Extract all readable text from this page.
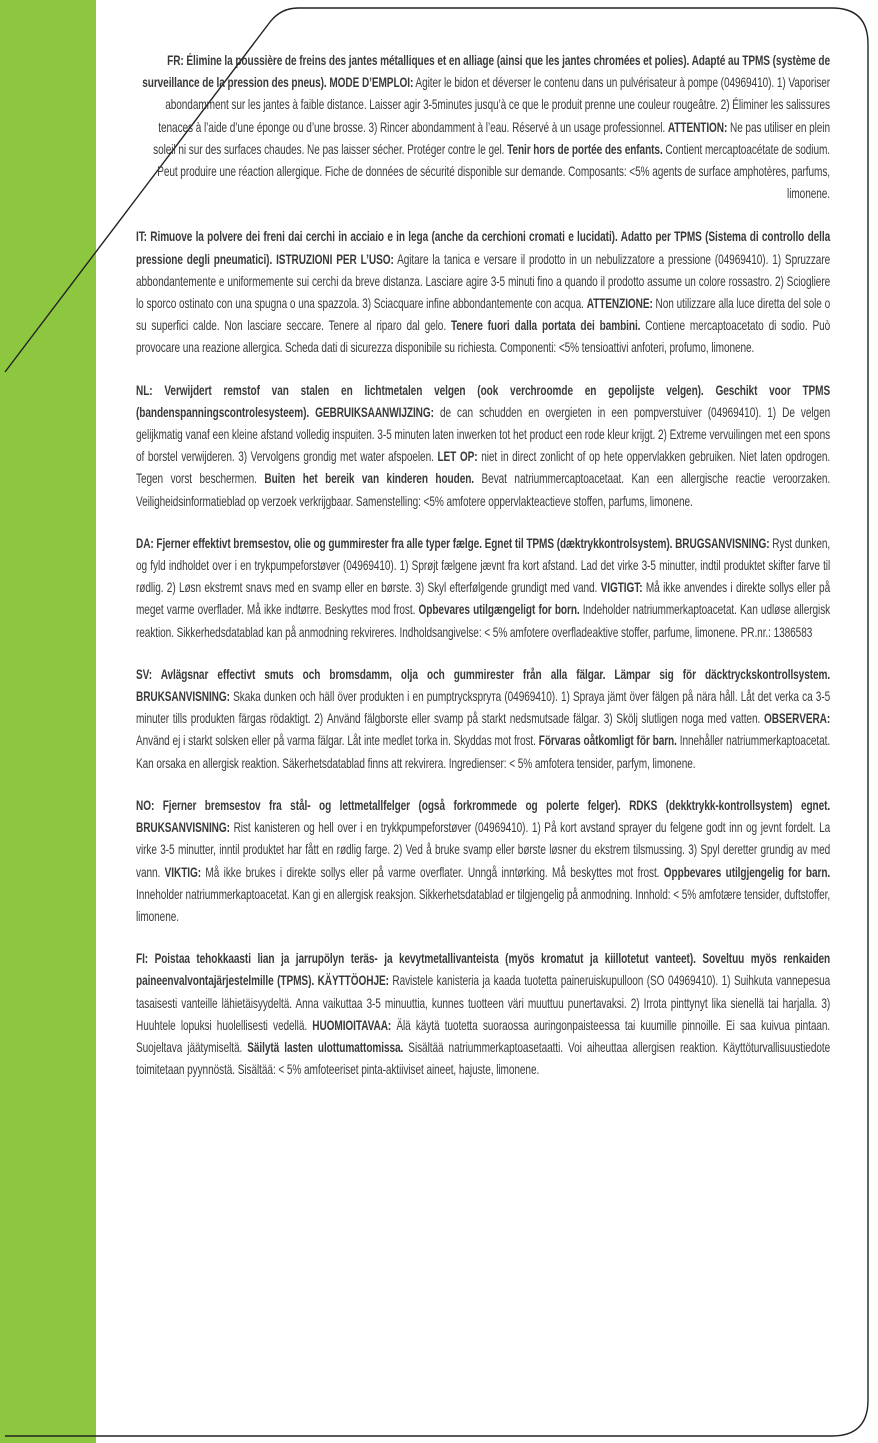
FR: Élimine la poussière de freins des jantes métalliques et en alliage (ainsi que les jantes chromées et polies). Adapté au TPMS (système de surveillance de la pression des pneus). MODE D’EMPLOI: Agiter le bidon et déverser le contenu dans un pulvérisateur à pompe (04969410). 1) Vaporiser abondamment sur les jantes à faible distance. Laisser agir 3-5minutes jusqu’à ce que le produit prenne une couleur rougeâtre. 2) Éliminer les salissures tenaces à l’aide d’une éponge ou d’une brosse. 3) Rincer abondamment à l’eau. Réservé à un usage professionnel. ATTENTION: Ne pas utiliser en plein soleil ni sur des surfaces chaudes. Ne pas laisser sécher. Protéger contre le gel. Tenir hors de portée des enfants. Contient mercaptoacétate de sodium. Peut produire une réaction allergique. Fiche de données de sécurité disponible sur demande. Composants: <5% agents de surface amphotères, parfums, limonene.

IT: Rimuove la polvere dei freni dai cerchi in acciaio e in lega (anche da cerchioni cromati e lucidati). Adatto per TPMS (Sistema di controllo della pressione degli pneumatici). ISTRUZIONI PER L’USO: Agitare la tanica e versare il prodotto in un nebulizzatore a pressione (04969410). 1) Spruzzare abbondantemente e uniformemente sui cerchi da breve distanza. Lasciare agire 3-5 minuti fino a quando il prodotto assume un colore rossastro. 2) Sciogliere lo sporco ostinato con una spugna o una spazzola. 3) Sciacquare infine abbondantemente con acqua. ATTENZIONE: Non utilizzare alla luce diretta del sole o su superfici calde. Non lasciare seccare. Tenere al riparo dal gelo. Tenere fuori dalla portata dei bambini. Contiene mercaptoacetato di sodio. Può provocare una reazione allergica. Scheda dati di sicurezza disponibile su richiesta. Componenti: <5% tensioattivi anfoteri, profumo, limonene.

NL: Verwijdert remstof van stalen en lichtmetalen velgen (ook verchroomde en gepolijste velgen). Geschikt voor TPMS (bandenspanningscontrolesysteem). GEBRUIKSAANWIJZING: de can schudden en overgieten in een pompverstuiver (04969410). 1) De velgen gelijkmatig vanaf een kleine afstand volledig inspuiten. 3-5 minuten laten inwerken tot het product een rode kleur krijgt. 2) Extreme vervuilingen met een spons of borstel verwijderen. 3) Vervolgens grondig met water afspoelen. LET OP: niet in direct zonlicht of op hete oppervlakken gebruiken. Niet laten opdrogen. Tegen vorst beschermen. Buiten het bereik van kinderen houden. Bevat natriummercaptoacetaat. Kan een allergische reactie veroorzaken. Veiligheidsinformatieblad op verzoek verkrijgbaar. Samenstelling: <5% amfotere oppervlakteactieve stoffen, parfums, limonene.

DA: Fjerner effektivt bremsestov, olie og gummirester fra alle typer fælge. Egnet til TPMS (dæktrykkontrolsystem). BRUGSANVISNING: Ryst dunken, og fyld indholdet over i en trykpumpeforstøver (04969410). 1) Sprøjt fælgene jævnt fra kort afstand. Lad det virke 3-5 minutter, indtil produktet skifter farve til rødlig. 2) Løsn ekstremt snavs med en svamp eller en børste. 3) Skyl efterfølgende grundigt med vand. VIGTIGT: Må ikke anvendes i direkte sollys eller på meget varme overflader. Må ikke indtørre. Beskyttes mod frost. Opbevares utilgængeligt for born. Indeholder natriummerkaptoacetat. Kan udløse allergisk reaktion. Sikkerhedsdatablad kan på anmodning rekvireres. Indholdsangivelse: < 5% amfotere overfladeaktive stoffer, parfume, limonene. PR.nr.: 1386583

SV: Avlägsnar effectivt smuts och bromsdamm, olja och gummirester från alla fälgar. Lämpar sig för däcktryckskontrollsystem. BRUKSANVISNING: Skaka dunken och häll över produkten i en pumptrycksprута (04969410). 1) Spraya jämt över fälgen på nära håll. Låt det verka ca 3-5 minuter tills produkten färgas rödaktigt. 2) Använd fälgborste eller svamp på starkt nedsmutsade fälgar. 3) Skölj slutligen noga med vatten. OBSERVERA: Använd ej i starkt solsken eller på varma fälgar. Låt inte medlet torka in. Skyddas mot frost. Förvaras oåtkomligt för barn. Innehåller natriummerkaptoacetat. Kan orsaka en allergisk reaktion. Säkerhetsdatablad finns att rekvirera. Ingredienser: < 5% amfotera tensider, parfym, limonene.

NO: Fjerner bremsestov fra stål- og lettmetallfelger (også forkrommede og polerte felger). RDKS (dekktrykk-kontrollsystem) egnet. BRUKSANVISNING: Rist kanisteren og hell over i en trykkpumpeforstøver (04969410). 1) På kort avstand sprayer du felgene godt inn og jevnt fordelt. La virke 3-5 minutter, inntil produktet har fått en rødlig farge. 2) Ved å bruke svamp eller børste løsner du ekstrem tilsmussing. 3) Spyl deretter grundig av med vann. VIKTIG: Må ikke brukes i direkte sollys eller på varme overflater. Unngå inntørking. Må beskyttes mot frost. Oppbevares utilgjengelig for barn. Inneholder natriummerkaptoacetat. Kan gi en allergisk reaksjon. Sikkerhetsdatablad er tilgjengelig på anmodning. Innhold: < 5% amfotære tensider, duftstoffer, limonene.

FI: Poistaa tehokkaasti lian ja jarrupölyn teräs- ja kevytmetallivanteista (myös kromatut ja kiillotetut vanteet). Soveltuu myös renkaiden paineenvalvontajärjestelmille (TPMS). KÄYTTÖOHJE: Ravistele kanisteria ja kaada tuotetta paineruiskupulloon (SO 04969410). 1) Suihkuta vannepesua tasaisesti vanteille lähietäisyydeltä. Anna vaikuttaa 3-5 minuuttia, kunnes tuotteen väri muuttuu punertavaksi. 2) Irrota pinttynyt lika sienellä tai harjalla. 3) Huuhtele lopuksi huolellisesti vedellä. HUOMIOITAVAA: Älä käytä tuotetta suoraossa auringonpaisteessa tai kuumille pinnoille. Ei saa kuivua pintaan. Suojeltava jäätymiseltä. Säilytä lasten ulottumattomissa. Sisältää natriummerkaptoasetaatti. Voi aiheuttaa allergisen reaktion. Käyttöturvallisuustiedote toimitetaan pyynnöstä. Sisältää: < 5% amfoteeriset pinta-aktiiviset aineet, hajuste, limonene.
